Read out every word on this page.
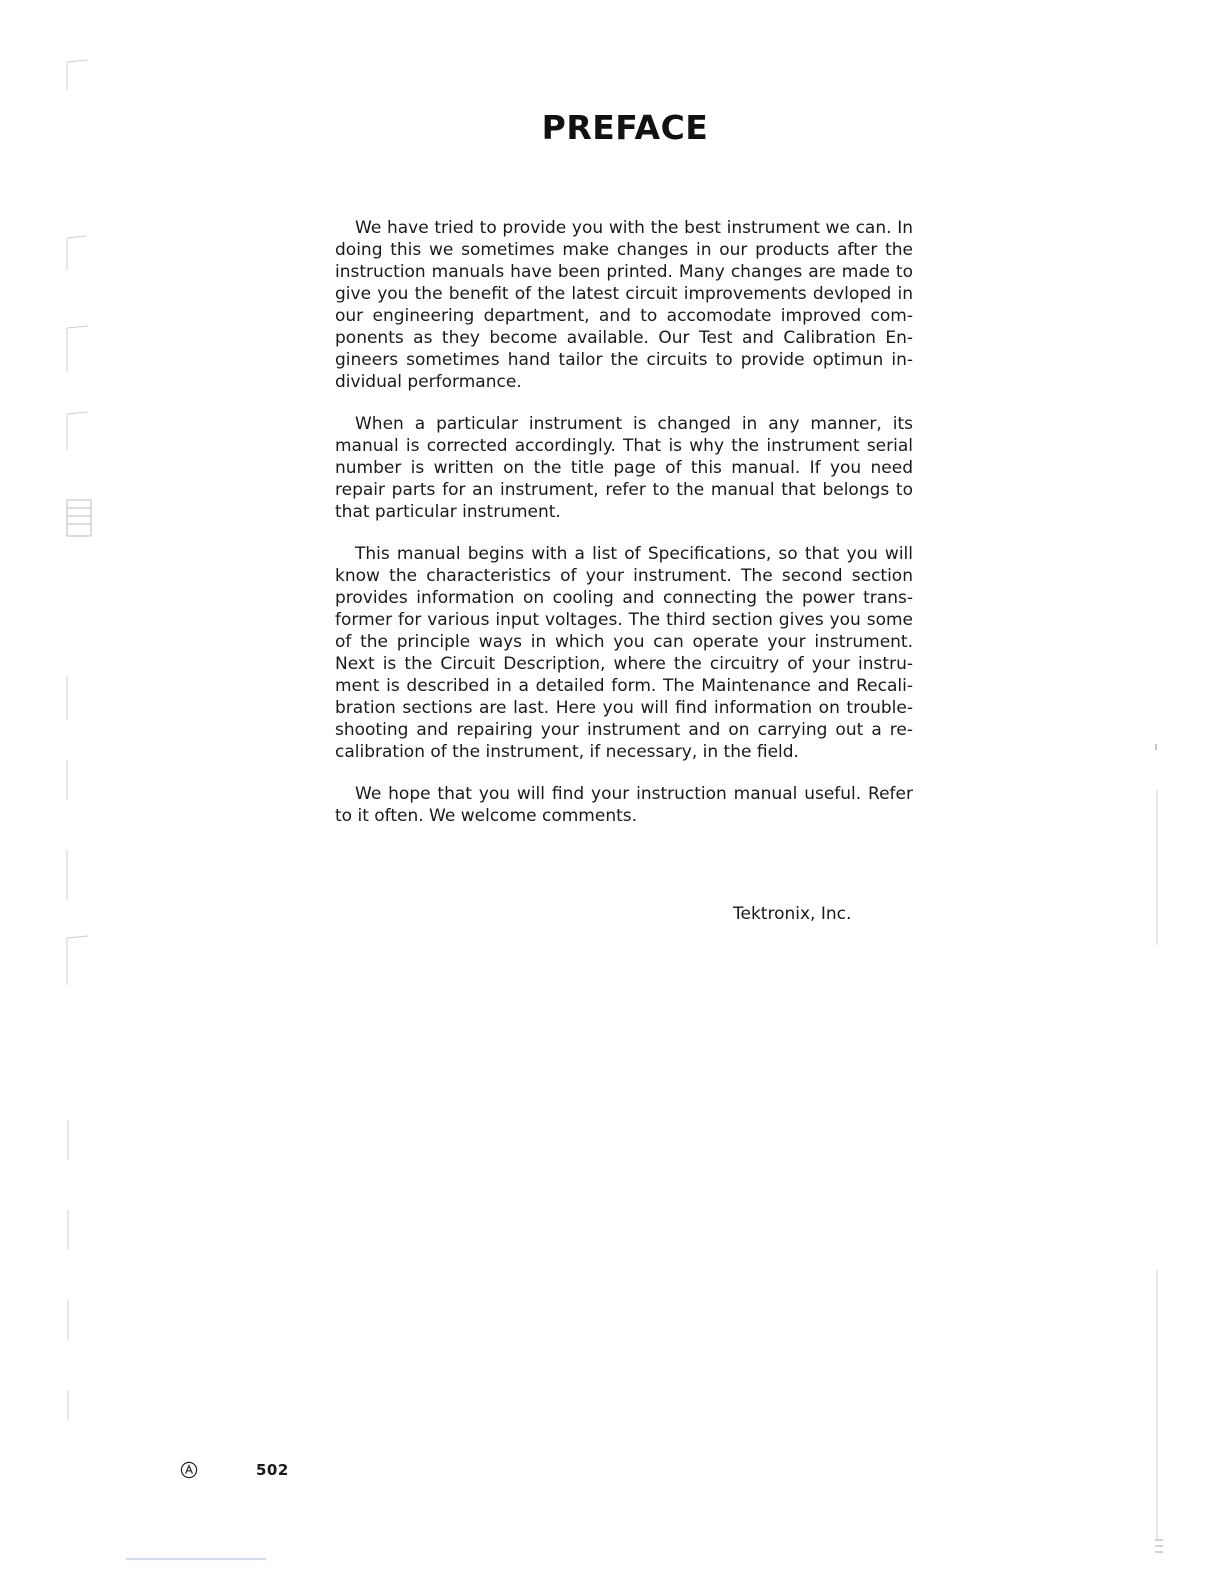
PREFACE

We have tried to provide you with the best instrument we can. In doing this we sometimes make changes in our products after the instruction manuals have been printed. Many changes are made to give you the benefit of the latest circuit improvements devloped in our engineering department, and to accomodate improved components as they become available. Our Test and Calibration Engineers sometimes hand tailor the circuits to provide optimun individual performance.

When a particular instrument is changed in any manner, its manual is corrected accordingly. That is why the instrument serial number is written on the title page of this manual. If you need repair parts for an instrument, refer to the manual that belongs to that particular instrument.

This manual begins with a list of Specifications, so that you will know the characteristics of your instrument. The second section provides information on cooling and connecting the power transformer for various input voltages. The third section gives you some of the principle ways in which you can operate your instrument. Next is the Circuit Description, where the circuitry of your instrument is described in a detailed form. The Maintenance and Recalibration sections are last. Here you will find information on troubleshooting and repairing your instrument and on carrying out a recalibration of the instrument, if necessary, in the field.

We hope that you will find your instruction manual useful. Refer to it often. We welcome comments.

Tektronix, Inc.
502
